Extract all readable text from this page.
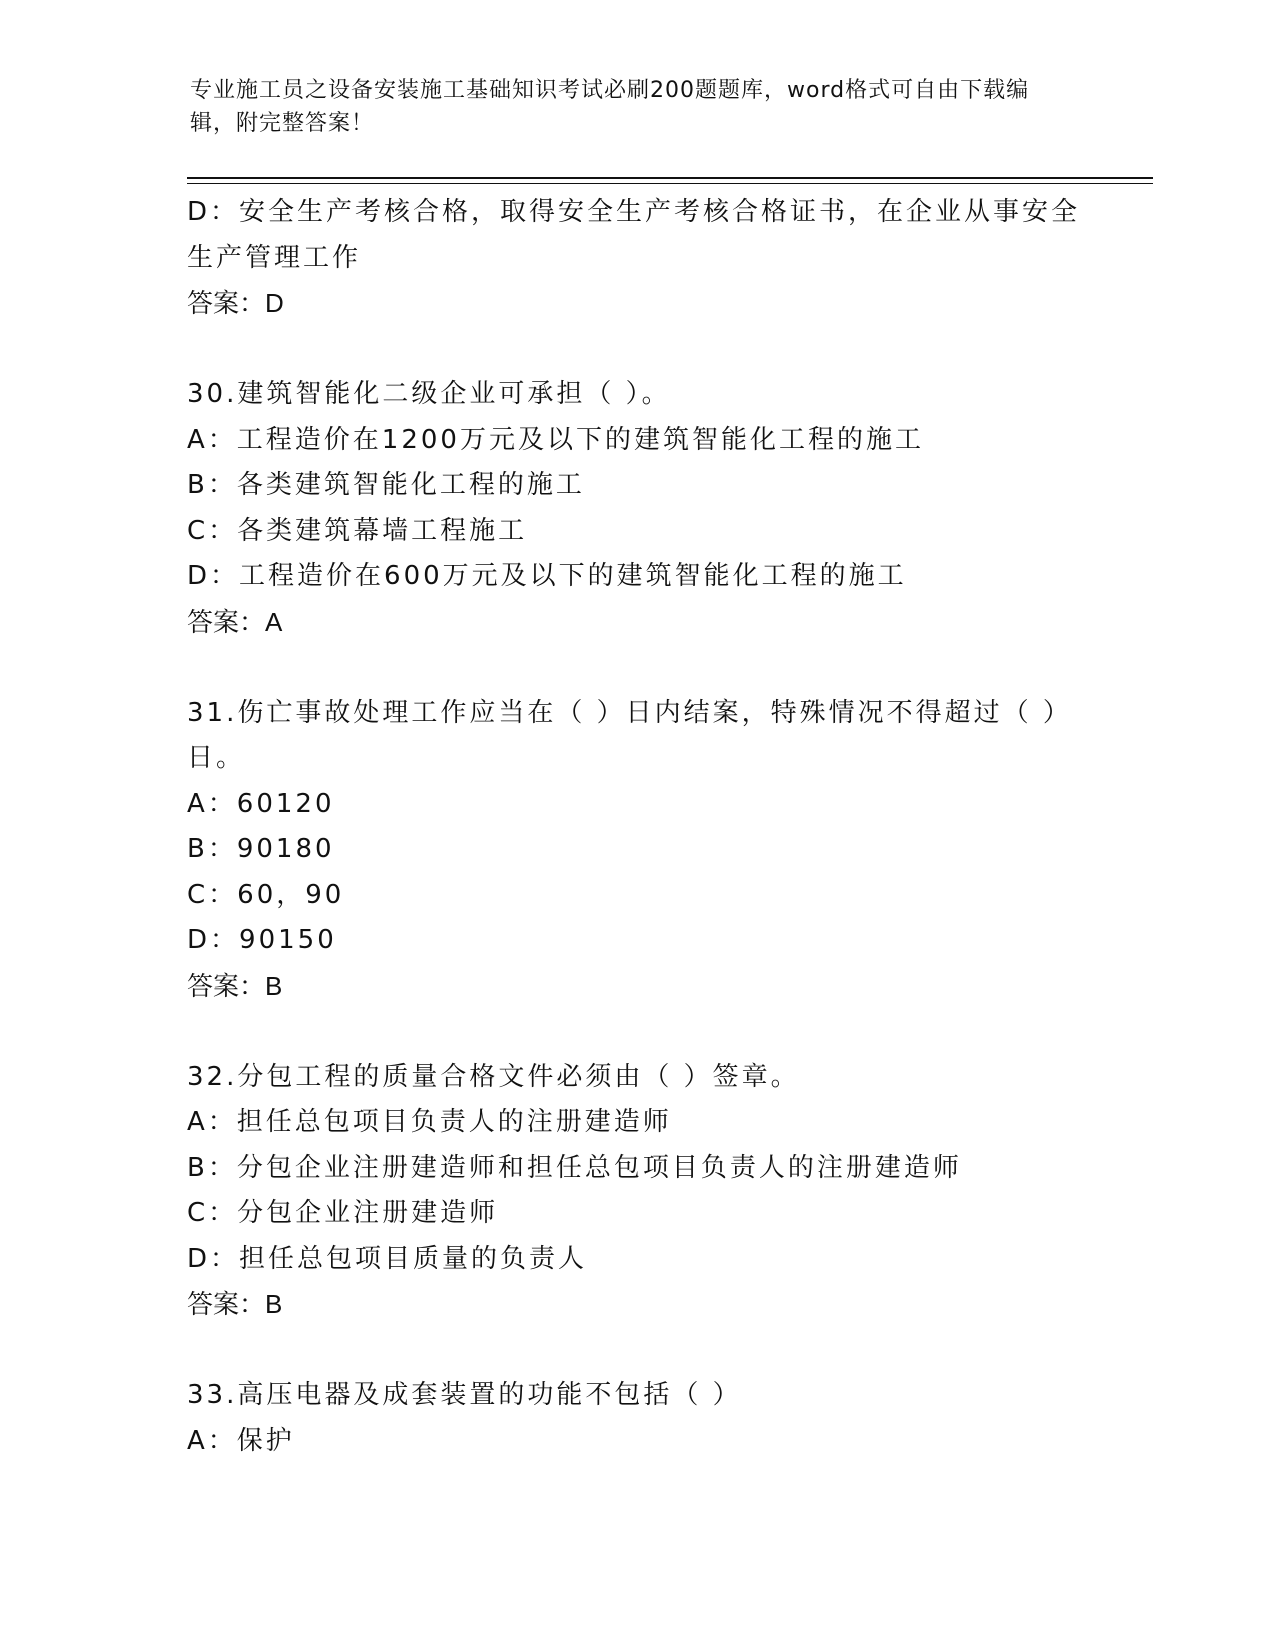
专业施工员之设备安装施工基础知识考试必刷200题题库，word格式可自由下载编辑，附完整答案！
D：安全生产考核合格，取得安全生产考核合格证书，在企业从事安全生产管理工作
答案：D
30.建筑智能化二级企业可承担（ ）。
A：工程造价在1200万元及以下的建筑智能化工程的施工
B：各类建筑智能化工程的施工
C：各类建筑幕墙工程施工
D：工程造价在600万元及以下的建筑智能化工程的施工
答案：A
31.伤亡事故处理工作应当在（ ）日内结案，特殊情况不得超过（ ）日。
A：60120
B：90180
C：60，90
D：90150
答案：B
32.分包工程的质量合格文件必须由（ ）签章。
A：担任总包项目负责人的注册建造师
B：分包企业注册建造师和担任总包项目负责人的注册建造师
C：分包企业注册建造师
D：担任总包项目质量的负责人
答案：B
33.高压电器及成套装置的功能不包括（ ）
A：保护
